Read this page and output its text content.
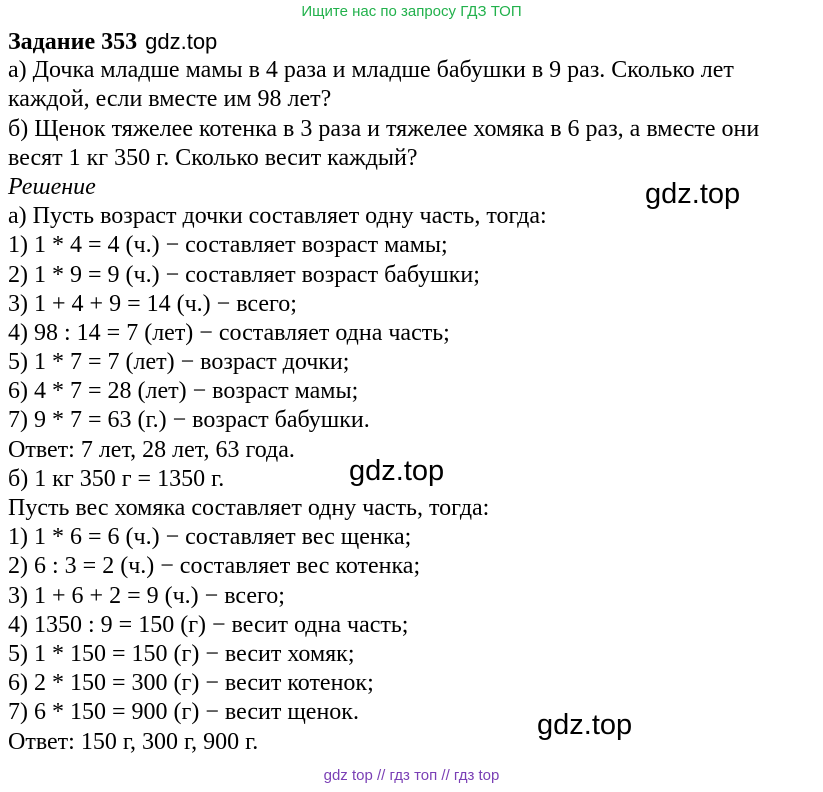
Ищите нас по запросу ГДЗ ТОП
Задание 353 gdz.top
а) Дочка младше мамы в 4 раза и младше бабушки в 9 раз. Сколько лет
каждой, если вместе им 98 лет?
б) Щенок тяжелее котенка в 3 раза и тяжелее хомяка в 6 раз, а вместе они
весят 1 кг 350 г. Сколько весит каждый?
Решение
а) Пусть возраст дочки составляет одну часть, тогда:
1) 1 * 4 = 4 (ч.) − составляет возраст мамы;
2) 1 * 9 = 9 (ч.) − составляет возраст бабушки;
3) 1 + 4 + 9 = 14 (ч.) − всего;
4) 98 : 14 = 7 (лет) − составляет одна часть;
5) 1 * 7 = 7 (лет) − возраст дочки;
6) 4 * 7 = 28 (лет) − возраст мамы;
7) 9 * 7 = 63 (г.) − возраст бабушки.
Ответ: 7 лет, 28 лет, 63 года.
б) 1 кг 350 г = 1350 г.
Пусть вес хомяка составляет одну часть, тогда:
1) 1 * 6 = 6 (ч.) − составляет вес щенка;
2) 6 : 3 = 2 (ч.) − составляет вес котенка;
3) 1 + 6 + 2 = 9 (ч.) − всего;
4) 1350 : 9 = 150 (г) − весит одна часть;
5) 1 * 150 = 150 (г) − весит хомяк;
6) 2 * 150 = 300 (г) − весит котенок;
7) 6 * 150 = 900 (г) − весит щенок.
Ответ: 150 г, 300 г, 900 г.
gdz.top
gdz.top
gdz.top
gdz top // гдз топ // гдз top
